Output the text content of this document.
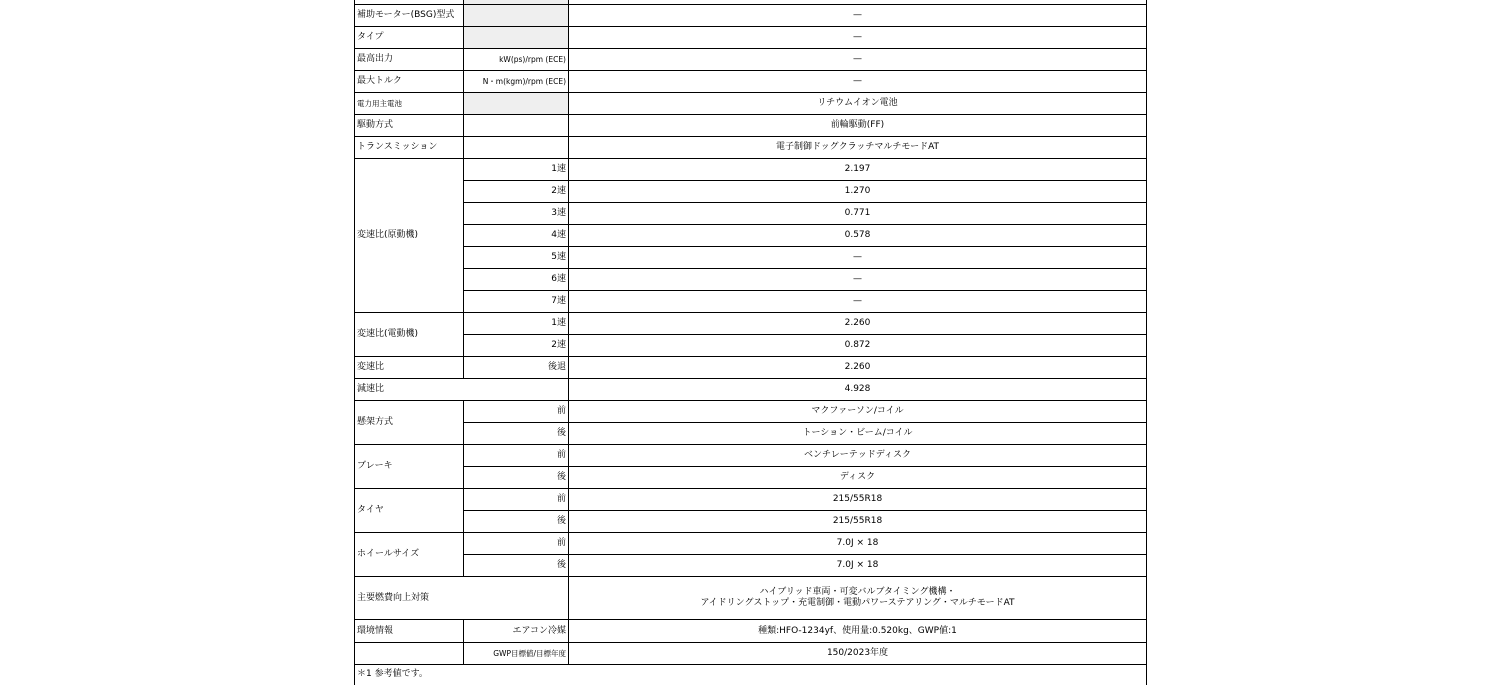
補助モーター(BSG)型式		—
タイプ		—
最高出力	kW(ps)/rpm (ECE)	—
最大トルク	N・m(kgm)/rpm (ECE)	—
電力用主電池		リチウムイオン電池
駆動方式		前輪駆動(FF)
トランスミッション		電子制御ドッグクラッチマルチモードAT
変速比(原動機)	1速	2.197
	2速	1.270
	3速	0.771
	4速	0.578
	5速	—
	6速	—
	7速	—
変速比(電動機)	1速	2.260
	2速	0.872
変速比	後退	2.260
減速比		4.928
懸架方式	前	マクファーソン/コイル
	後	トーション・ビーム/コイル
ブレーキ	前	ベンチレーテッドディスク
	後	ディスク
タイヤ	前	215/55R18
	後	215/55R18
ホイールサイズ	前	7.0J × 18
	後	7.0J × 18
主要燃費向上対策		ハイブリッド車両・可変バルブタイミング機構・
アイドリングストップ・充電制御・電動パワーステアリング・マルチモードAT

環境情報	エアコン冷媒	種類:HFO-1234yf、使用量:0.520kg、GWP値:1
	GWP目標値/目標年度	150/2023年度
＊1 参考値です。		
